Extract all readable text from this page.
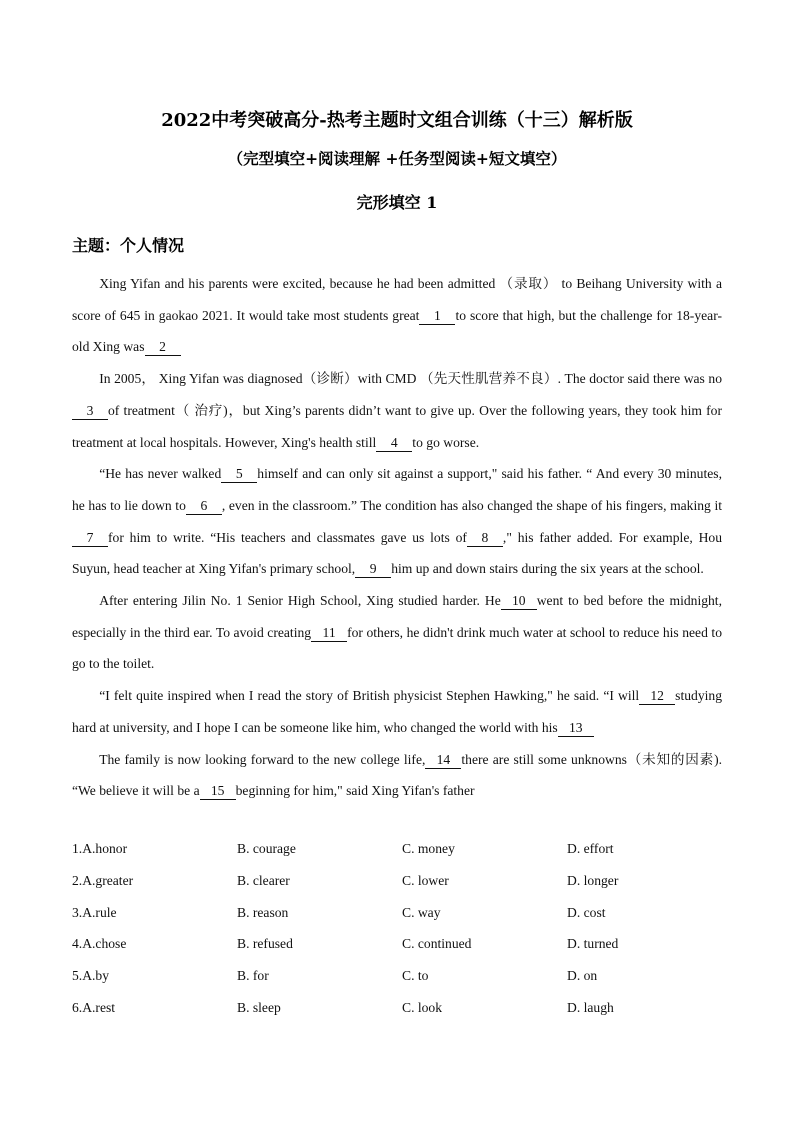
2022中考突破高分-热考主题时文组合训练（十三）解析版
（完型填空+阅读理解 +任务型阅读+短文填空）
完形填空 1
主题：个人情况

Xing Yifan and his parents were excited, because he had been admitted （录取） to Beihang University with a score of 645 in gaokao 2021. It would take most students great 1 to score that high, but the challenge for 18-year-old Xing was 2

In 2005， Xing Yifan was diagnosed（诊断）with CMD （先天性肌营养不良）. The doctor said there was no3 of treatment（ 治疗)，but Xing’s parents didn’t want to give up. Over the following years, they took him for treatment at local hospitals. However, Xing's health still 4 to go worse.

“He has never walked 5 himself and can only sit against a support," said his father. “ And every 30 minutes, he has to lie down to 6 , even in the classroom.” The condition has also changed the shape of his fingers, making it7 for him to write. “His teachers and classmates gave us lots of 8 ," his father added. For example, Hou Suyun, head teacher at Xing Yifan's primary school, 9 him up and down stairs during the six years at the school.

After entering Jilin No. 1 Senior High School, Xing studied harder. He 10 went to bed before the midnight, especially in the third ear. To avoid creating 11 for others, he didn't drink much water at school to reduce his need to go to the toilet.

“I felt quite inspired when I read the story of British physicist Stephen Hawking," he said. “I will 12 studying hard at university, and I hope I can be someone like him, who changed the world with his 13

The family is now looking forward to the new college life, 14 there are still some unknowns（未知的因素). “We believe it will be a 15 beginning for him," said Xing Yifan's father

1.A.honor	B. courage	C. money	D. effort
2.A.greater	B. clearer	C. lower	D. longer
3.A.rule	B. reason	C. way	D. cost
4.A.chose	B. refused	C. continued	D. turned
5.A.by	B. for	C. to	D. on
6.A.rest	B. sleep	C. look	D. laugh
